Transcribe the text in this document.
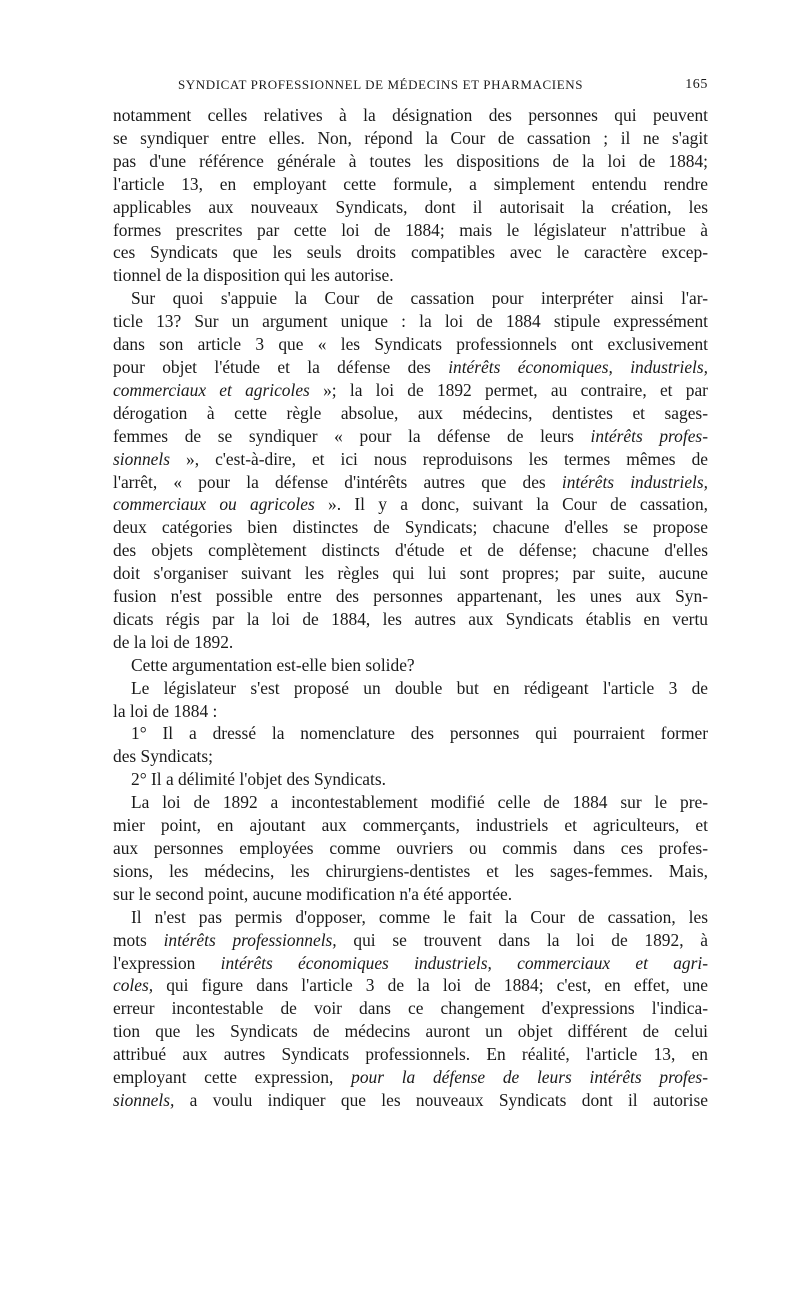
SYNDICAT PROFESSIONNEL DE MÉDECINS ET PHARMACIENS	165

notamment celles relatives à la désignation des personnes qui peuvent
se syndiquer entre elles. Non, répond la Cour de cassation ; il ne s'agit
pas d'une référence générale à toutes les dispositions de la loi de 1884;
l'article 13, en employant cette formule, a simplement entendu rendre
applicables aux nouveaux Syndicats, dont il autorisait la création, les
formes prescrites par cette loi de 1884; mais le législateur n'attribue à
ces Syndicats que les seuls droits compatibles avec le caractère excep-
tionnel de la disposition qui les autorise.

Sur quoi s'appuie la Cour de cassation pour interpréter ainsi l'ar-
ticle 13? Sur un argument unique : la loi de 1884 stipule expressément
dans son article 3 que « les Syndicats professionnels ont exclusivement
pour objet l'étude et la défense des intérêts économiques, industriels,
commerciaux et agricoles »; la loi de 1892 permet, au contraire, et par
dérogation à cette règle absolue, aux médecins, dentistes et sages-
femmes de se syndiquer « pour la défense de leurs intérêts profes-
sionnels », c'est-à-dire, et ici nous reproduisons les termes mêmes de
l'arrêt, « pour la défense d'intérêts autres que des intérêts industriels,
commerciaux ou agricoles ». Il y a donc, suivant la Cour de cassation,
deux catégories bien distinctes de Syndicats; chacune d'elles se propose
des objets complètement distincts d'étude et de défense; chacune d'elles
doit s'organiser suivant les règles qui lui sont propres; par suite, aucune
fusion n'est possible entre des personnes appartenant, les unes aux Syn-
dicats régis par la loi de 1884, les autres aux Syndicats établis en vertu
de la loi de 1892.

Cette argumentation est-elle bien solide?

Le législateur s'est proposé un double but en rédigeant l'article 3 de
la loi de 1884 :

1° Il a dressé la nomenclature des personnes qui pourraient former
des Syndicats;

2° Il a délimité l'objet des Syndicats.

La loi de 1892 a incontestablement modifié celle de 1884 sur le pre-
mier point, en ajoutant aux commerçants, industriels et agriculteurs, et
aux personnes employées comme ouvriers ou commis dans ces profes-
sions, les médecins, les chirurgiens-dentistes et les sages-femmes. Mais,
sur le second point, aucune modification n'a été apportée.

Il n'est pas permis d'opposer, comme le fait la Cour de cassation, les
mots intérêts professionnels, qui se trouvent dans la loi de 1892, à
l'expression intérêts économiques industriels, commerciaux et agri-
coles, qui figure dans l'article 3 de la loi de 1884; c'est, en effet, une
erreur incontestable de voir dans ce changement d'expressions l'indica-
tion que les Syndicats de médecins auront un objet différent de celui
attribué aux autres Syndicats professionnels. En réalité, l'article 13, en
employant cette expression, pour la défense de leurs intérêts profes-
sionnels, a voulu indiquer que les nouveaux Syndicats dont il autorise
